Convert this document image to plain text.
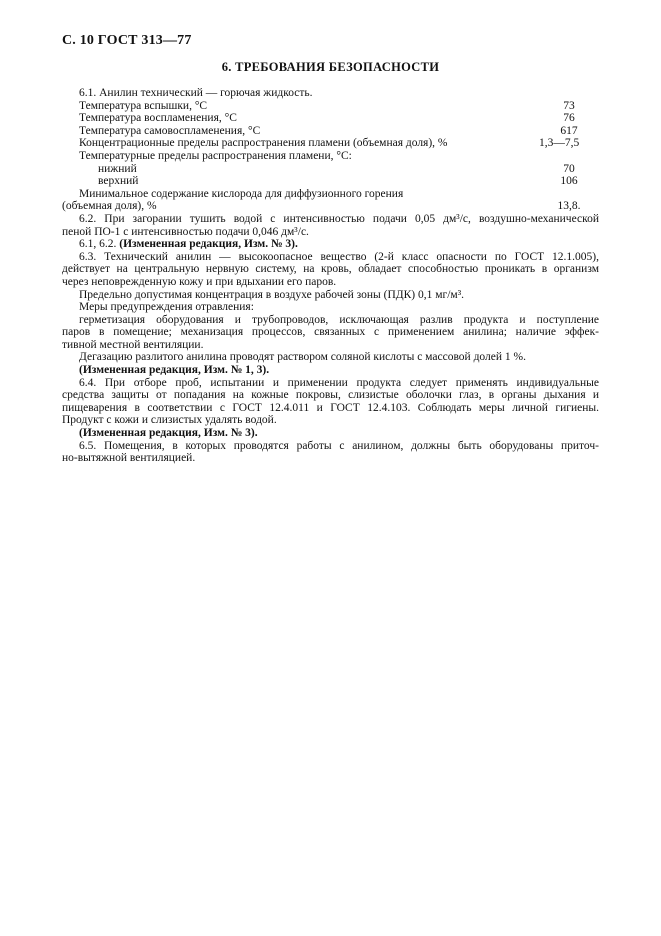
С. 10 ГОСТ 313—77
6. ТРЕБОВАНИЯ БЕЗОПАСНОСТИ
6.1. Анилин технический — горючая жидкость.
Температура вспышки, °С	73
Температура воспламенения, °С	76
Температура самовоспламенения, °С	617
Концентрационные пределы распространения пламени (объемная доля), %	1,3—7,5
Температурные пределы распространения пламени, °С:
нижний	70
верхний	106
Минимальное содержание кислорода для диффузионного горения
(объемная доля), %	13,8.
6.2. При загорании тушить водой с интенсивностью подачи 0,05 дм³/с, воздушно-механической
пеной ПО-1 с интенсивностью подачи 0,046 дм³/с.
6.1, 6.2. (Измененная редакция, Изм. № 3).
6.3. Технический анилин — высокоопасное вещество (2-й класс опасности по ГОСТ 12.1.005),
действует на центральную нервную систему, на кровь, обладает способностью проникать в организм
через неповрежденную кожу и при вдыхании его паров.
Предельно допустимая концентрация в воздухе рабочей зоны (ПДК) 0,1 мг/м³.
Меры предупреждения отравления:
герметизация оборудования и трубопроводов, исключающая разлив продукта и поступление
паров в помещение; механизация процессов, связанных с применением анилина; наличие эффек-
тивной местной вентиляции.
Дегазацию разлитого анилина проводят раствором соляной кислоты с массовой долей 1 %.
(Измененная редакция, Изм. № 1, 3).
6.4. При отборе проб, испытании и применении продукта следует применять индивидуальные
средства защиты от попадания на кожные покровы, слизистые оболочки глаз, в органы дыхания и
пищеварения в соответствии с ГОСТ 12.4.011 и ГОСТ 12.4.103. Соблюдать меры личной гигиены.
Продукт с кожи и слизистых удалять водой.
(Измененная редакция, Изм. № 3).
6.5. Помещения, в которых проводятся работы с анилином, должны быть оборудованы приточ-
но-вытяжной вентиляцией.
